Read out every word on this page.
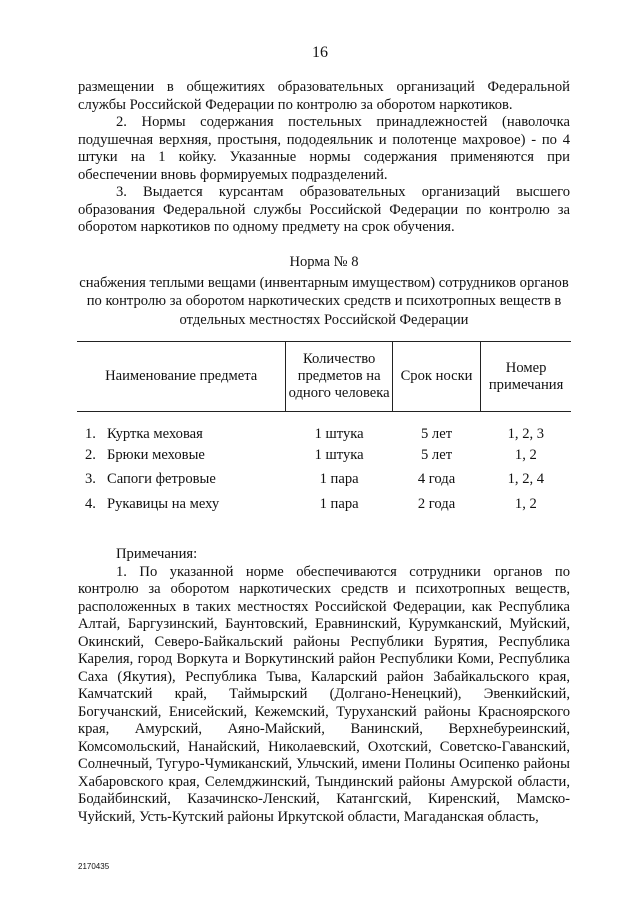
16

размещении в общежитиях образовательных организаций Федеральной службы Российской Федерации по контролю за оборотом наркотиков.

2. Нормы содержания постельных принадлежностей (наволочка подушечная верхняя, простыня, пододеяльник и полотенце махровое) - по 4 штуки на 1 койку. Указанные нормы содержания применяются при обеспечении вновь формируемых подразделений.

3. Выдается курсантам образовательных организаций высшего образования Федеральной службы Российской Федерации по контролю за оборотом наркотиков по одному предмету на срок обучения.

Норма № 8
снабжения теплыми вещами (инвентарным имуществом) сотрудников органов по контролю за оборотом наркотических средств и психотропных веществ в отдельных местностях Российской Федерации
Наименование предмета	Количество предметов на одного человека	Срок носки	Номер примечания
1. Куртка меховая	1 штука	5 лет	1, 2, 3
2. Брюки меховые	1 штука	5 лет	1, 2
3. Сапоги фетровые	1 пара	4 года	1, 2, 4
4. Рукавицы на меху	1 пара	2 года	1, 2

Примечания:

1. По указанной норме обеспечиваются сотрудники органов по контролю за оборотом наркотических средств и психотропных веществ, расположенных в таких местностях Российской Федерации, как Республика Алтай, Баргузинский, Баунтовский, Еравнинский, Курумканский, Муйский, Окинский, Северо-Байкальский районы Республики Бурятия, Республика Карелия, город Воркута и Воркутинский район Республики Коми, Республика Саха (Якутия), Республика Тыва, Каларский район Забайкальского края, Камчатский край, Таймырский (Долгано-Ненецкий), Эвенкийский, Богучанский, Енисейский, Кежемский, Туруханский районы Красноярского края, Амурский, Аяно-Майский, Ванинский, Верхнебуреинский, Комсомольский, Нанайский, Николаевский, Охотский, Советско-Гаванский, Солнечный, Тугуро-Чумиканский, Ульчский, имени Полины Осипенко районы Хабаровского края, Селемджинский, Тындинский районы Амурской области, Бодайбинский, Казачинско-Ленский, Катангский, Киренский, Мамско-Чуйский, Усть-Кутский районы Иркутской области, Магаданская область,

2170435
